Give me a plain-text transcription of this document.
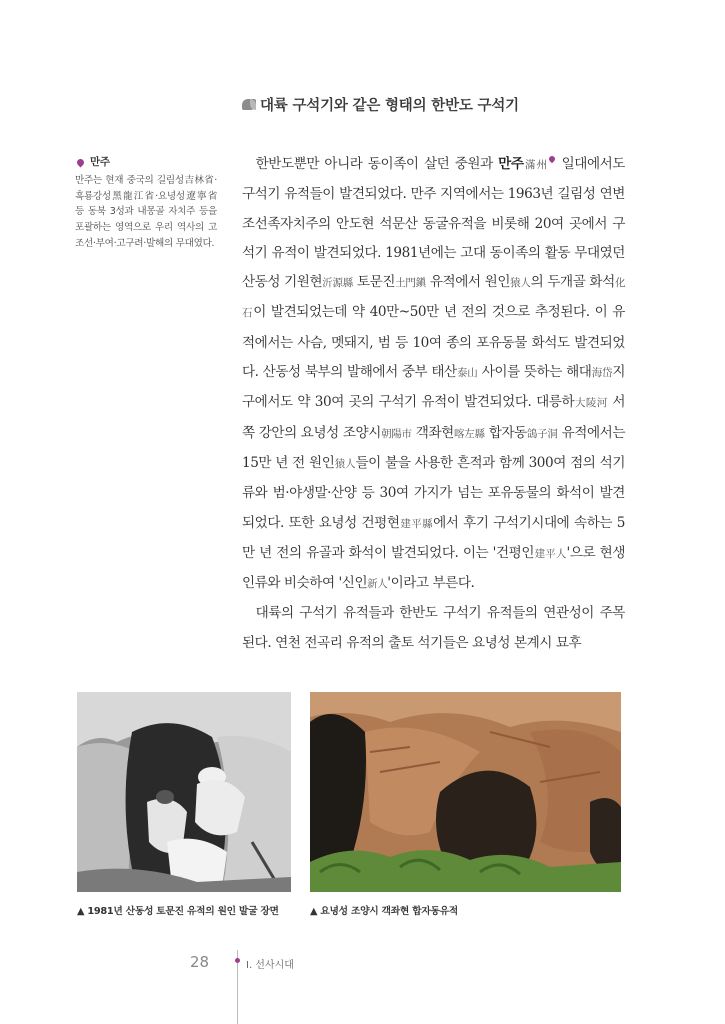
대륙 구석기와 같은 형태의 한반도 구석기
만주
만주는 현재 중국의 길림성吉林省·흑룡강성黑龍江省·요녕성遼寧省 등 동북 3성과 내몽골 자치주 등을 포괄하는 영역으로 우리 역사의 고조선·부여·고구려·발해의 무대였다.

한반도뿐만 아니라 동이족이 살던 중원과 만주滿州 일대에서도 구석기 유적들이 발견되었다. 만주 지역에서는 1963년 길림성 연변조선족자치주의 안도현 석문산 동굴유적을 비롯해 20여 곳에서 구석기 유적이 발견되었다. 1981년에는 고대 동이족의 활동 무대였던 산동성 기원현沂源縣 토문진土門鎭 유적에서 원인猿人의 두개골 화석化石이 발견되었는데 약 40만~50만 년 전의 것으로 추정된다. 이 유적에서는 사슴, 멧돼지, 범 등 10여 종의 포유동물 화석도 발견되었다. 산동성 북부의 발해에서 중부 태산泰山 사이를 뜻하는 해대海岱지구에서도 약 30여 곳의 구석기 유적이 발견되었다. 대릉하大陵河 서쪽 강안의 요녕성 조양시朝陽市 객좌현喀左縣 합자동鴿子洞 유적에서는 15만 년 전 원인猿人들이 불을 사용한 흔적과 함께 300여 점의 석기류와 범·야생말·산양 등 30여 가지가 넘는 포유동물의 화석이 발견되었다. 또한 요녕성 건평현建平縣에서 후기 구석기시대에 속하는 5만 년 전의 유골과 화석이 발견되었다. 이는 '건평인建平人'으로 현생 인류와 비슷하여 '신인新人'이라고 부른다.

대륙의 구석기 유적들과 한반도 구석기 유적들의 연관성이 주목된다. 연천 전곡리 유적의 출토 석기들은 요녕성 본계시 묘후

▲ 1981년 산동성 토문진 유적의 원인 발굴 장면	▲ 요녕성 조양시 객좌현 합자동유적
28	I. 선사시대
